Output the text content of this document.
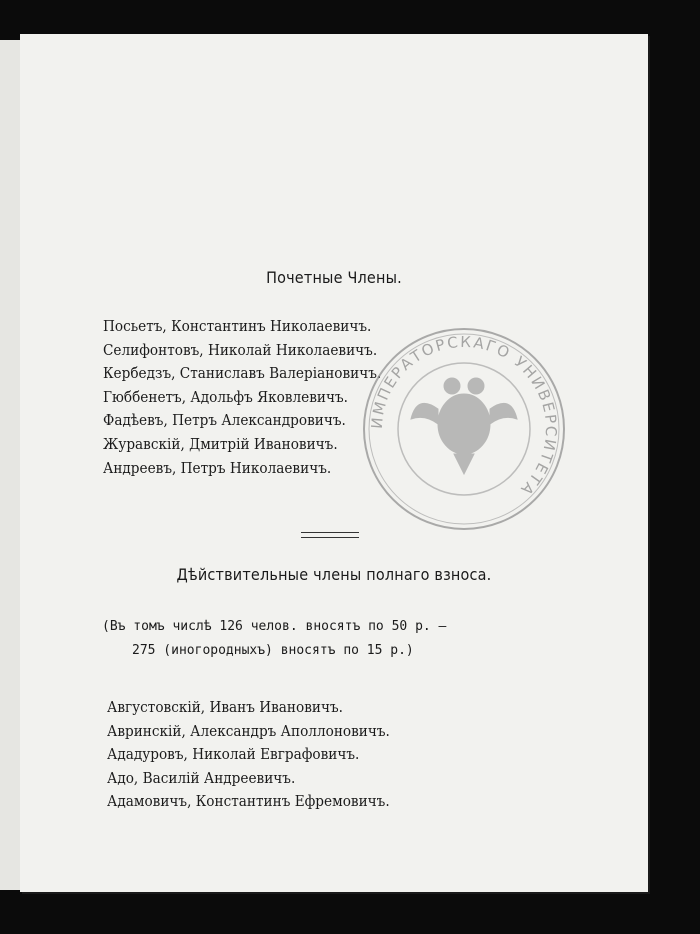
Почетные Члены.
Посьетъ, Константинъ Николаевичъ.
Селифонтовъ, Николай Николаевичъ.
Кербедзъ, Станиславъ Валеріановичъ.
Гюббенетъ, Адольфъ Яковлевичъ.
Фадѣевъ, Петръ Александровичъ.
Журавскій, Дмитрій Ивановичъ.
Андреевъ, Петръ Николаевичъ.
ИМПЕРАТОРСКАГО УНИВЕРСИТЕТА
Дѣйствительные члены полнаго взноса.
(Въ томъ числѣ 126 челов. вносятъ по 50 р. —
275 (иногородныхъ) вносятъ по 15 р.)
Августовскій, Иванъ Ивановичъ.
Авринскій, Александръ Аполлоновичъ.
Ададуровъ, Николай Евграфовичъ.
Адо, Василій Андреевичъ.
Адамовичъ, Константинъ Ефремовичъ.
